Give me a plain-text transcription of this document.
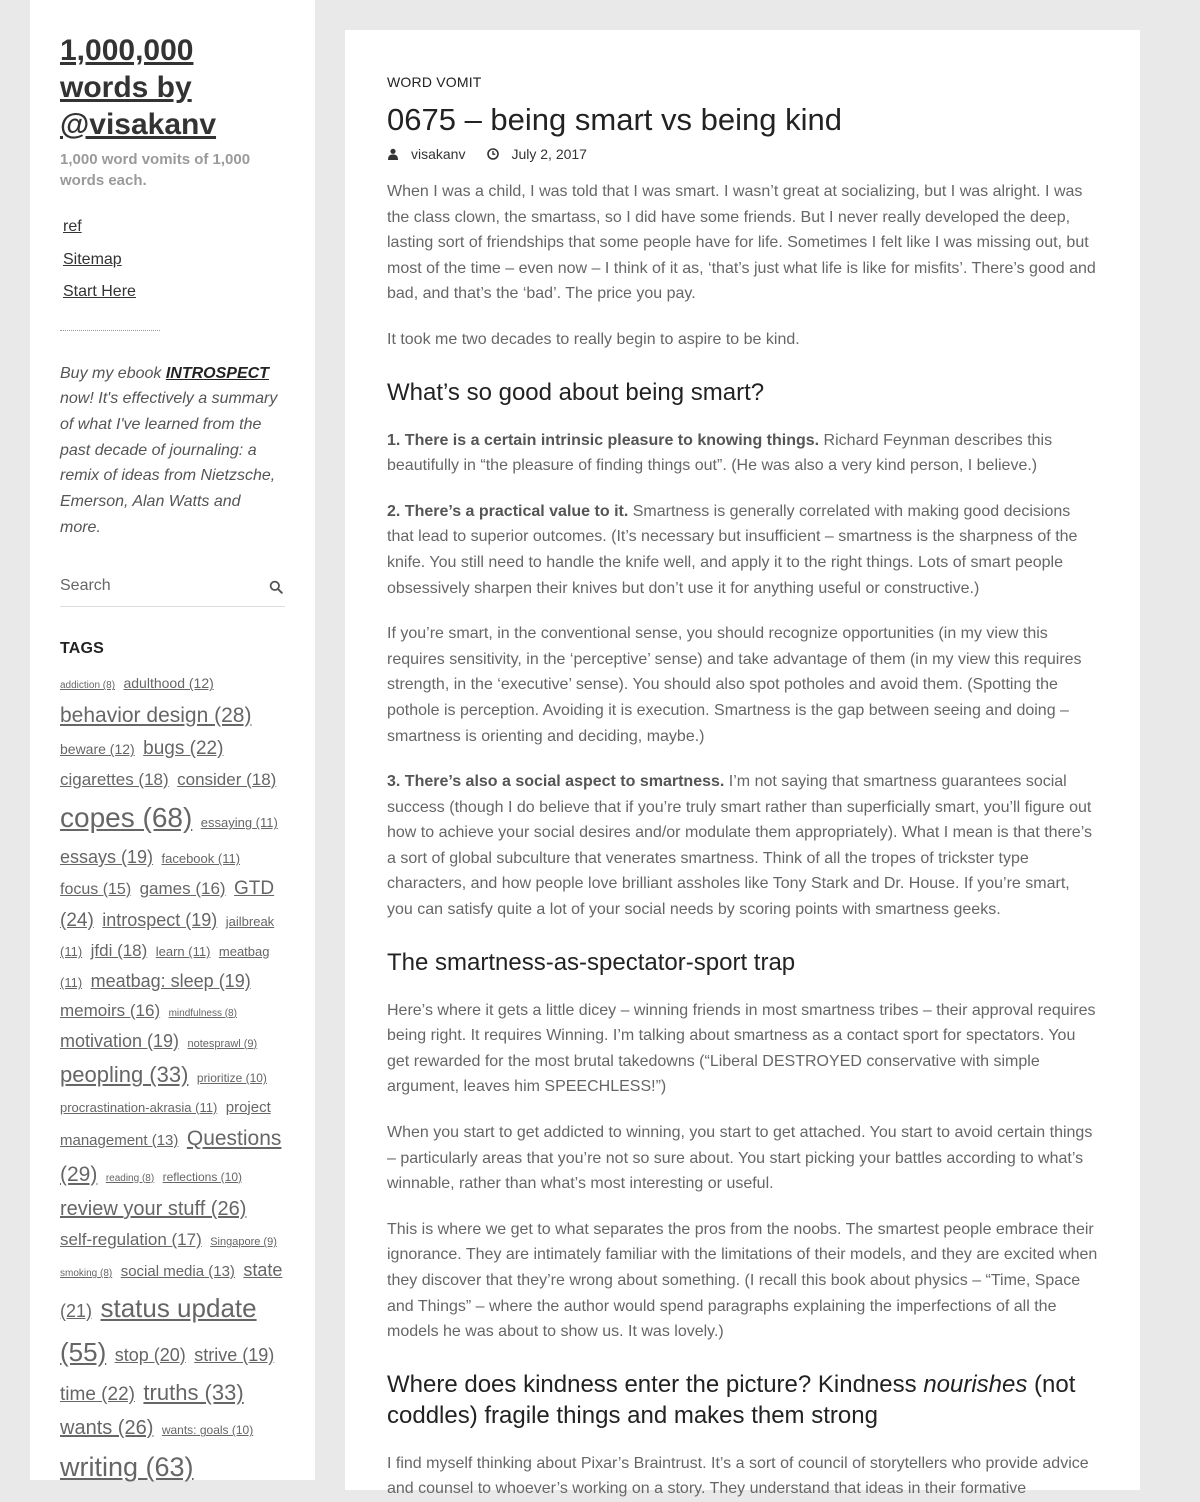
1,000,000 words by @visakanv
1,000 word vomits of 1,000 words each.
ref
Sitemap
Start Here
Buy my ebook INTROSPECT now! It's effectively a summary of what I've learned from the past decade of journaling: a remix of ideas from Nietzsche, Emerson, Alan Watts and more.
Search
TAGS
addiction (8) adulthood (12) behavior design (28) beware (12) bugs (22) cigarettes (18) consider (18) copes (68) essaying (11) essays (19) facebook (11) focus (15) games (16) GTD (24) introspect (19) jailbreak (11) jfdi (18) learn (11) meatbag (11) meatbag: sleep (19) memoirs (16) mindfulness (8) motivation (19) notesprawl (9) peopling (33) prioritize (10) procrastination-akrasia (11) project management (13) Questions (29) reading (8) reflections (10) review your stuff (26) self-regulation (17) Singapore (9) smoking (8) social media (13) state (21) status update (55) stop (20) strive (19) time (22) truths (33) wants (26) wants: goals (10) writing (63)
WORD VOMIT
0675 – being smart vs being kind
visakanv	July 2, 2017

When I was a child, I was told that I was smart. I wasn’t great at socializing, but I was alright. I was the class clown, the smartass, so I did have some friends. But I never really developed the deep, lasting sort of friendships that some people have for life. Sometimes I felt like I was missing out, but most of the time – even now – I think of it as, ‘that’s just what life is like for misfits’. There’s good and bad, and that’s the ‘bad’. The price you pay.

It took me two decades to really begin to aspire to be kind.

What’s so good about being smart?

1. There is a certain intrinsic pleasure to knowing things. Richard Feynman describes this beautifully in “the pleasure of finding things out”. (He was also a very kind person, I believe.)

2. There’s a practical value to it. Smartness is generally correlated with making good decisions that lead to superior outcomes. (It’s necessary but insufficient – smartness is the sharpness of the knife. You still need to handle the knife well, and apply it to the right things. Lots of smart people obsessively sharpen their knives but don’t use it for anything useful or constructive.)

If you’re smart, in the conventional sense, you should recognize opportunities (in my view this requires sensitivity, in the ‘perceptive’ sense) and take advantage of them (in my view this requires strength, in the ‘executive’ sense). You should also spot potholes and avoid them. (Spotting the pothole is perception. Avoiding it is execution. Smartness is the gap between seeing and doing – smartness is orienting and deciding, maybe.)

3. There’s also a social aspect to smartness. I’m not saying that smartness guarantees social success (though I do believe that if you’re truly smart rather than superficially smart, you’ll figure out how to achieve your social desires and/or modulate them appropriately). What I mean is that there’s a sort of global subculture that venerates smartness. Think of all the tropes of trickster type characters, and how people love brilliant assholes like Tony Stark and Dr. House. If you’re smart, you can satisfy quite a lot of your social needs by scoring points with smartness geeks.

The smartness-as-spectator-sport trap

Here’s where it gets a little dicey – winning friends in most smartness tribes – their approval requires being right. It requires Winning. I’m talking about smartness as a contact sport for spectators. You get rewarded for the most brutal takedowns (“Liberal DESTROYED conservative with simple argument, leaves him SPEECHLESS!”)

When you start to get addicted to winning, you start to get attached. You start to avoid certain things – particularly areas that you’re not so sure about. You start picking your battles according to what’s winnable, rather than what’s most interesting or useful.

This is where we get to what separates the pros from the noobs. The smartest people embrace their ignorance. They are intimately familiar with the limitations of their models, and they are excited when they discover that they’re wrong about something. (I recall this book about physics – “Time, Space and Things” – where the author would spend paragraphs explaining the imperfections of all the models he was about to show us. It was lovely.)

Where does kindness enter the picture? Kindness nourishes (not coddles) fragile things and makes them strong

I find myself thinking about Pixar’s Braintrust. It’s a sort of council of storytellers who provide advice and counsel to whoever’s working on a story. They understand that ideas in their formative
